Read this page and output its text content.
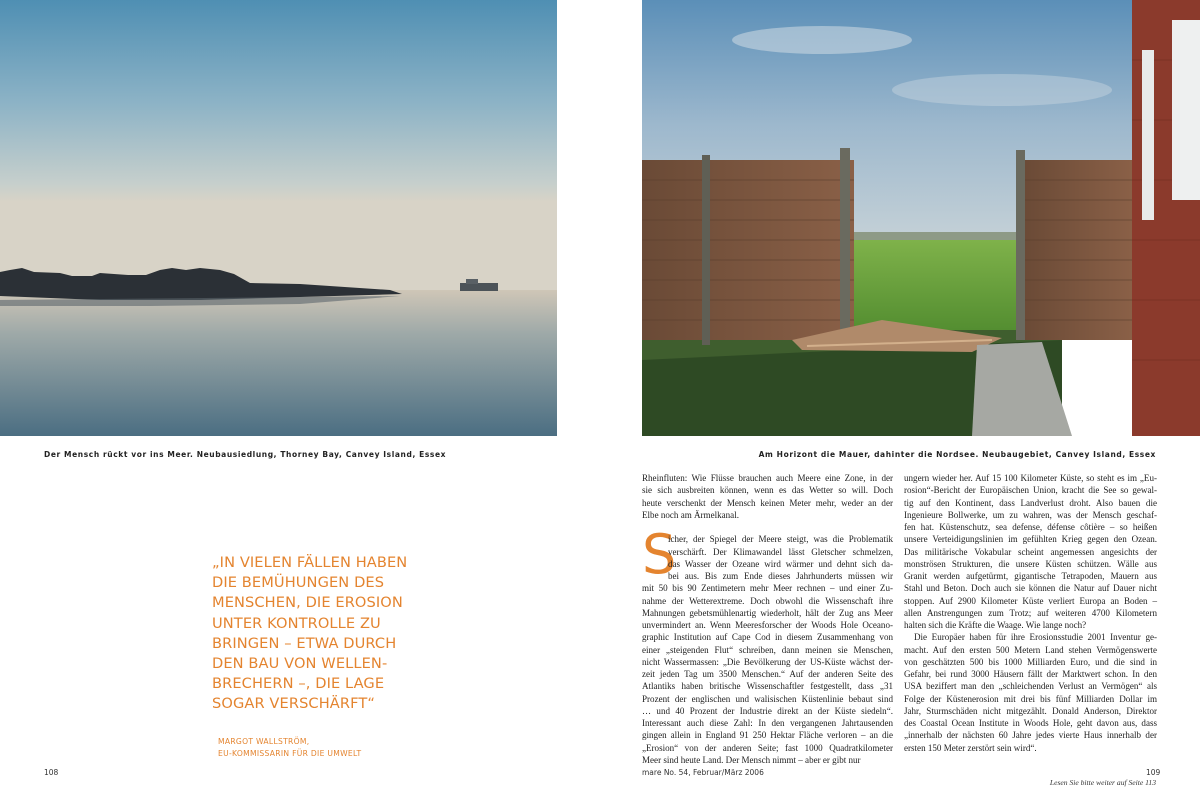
Der Mensch rückt vor ins Meer. Neubausiedlung, Thorney Bay, Canvey Island, Essex	Am Horizont die Mauer, dahinter die Nordsee. Neubaugebiet, Canvey Island, Essex
„IN VIELEN FÄLLEN HABEN
DIE BEMÜHUNGEN DES
MENSCHEN, DIE EROSION
UNTER KONTROLLE ZU
BRINGEN – ETWA DURCH
DEN BAU VON WELLEN-
BRECHERN –, DIE LAGE
SOGAR VERSCHÄRFT“
MARGOT WALLSTRÖM,
EU-KOMMISSARIN FÜR DIE UMWELT
S
Rheinfluten: Wie Flüsse brauchen auch Meere eine Zone, in der
sie sich ausbreiten können, wenn es das Wetter so will. Doch
heute verschenkt der Mensch keinen Meter mehr, weder an der
Elbe noch am Ärmelkanal.
icher, der Spiegel der Meere steigt, was die Problematik
verschärft. Der Klimawandel lässt Gletscher schmelzen,
das Wasser der Ozeane wird wärmer und dehnt sich da-
bei aus. Bis zum Ende dieses Jahrhunderts müssen wir
mit 50 bis 90 Zentimetern mehr Meer rechnen – und einer Zu-
nahme der Wetterextreme. Doch obwohl die Wissenschaft ihre
Mahnungen gebetsmühlenartig wiederholt, hält der Zug ans Meer
unvermindert an. Wenn Meeresforscher der Woods Hole Oceano-
graphic Institution auf Cape Cod in diesem Zusammenhang von
einer „steigenden Flut“ schreiben, dann meinen sie Menschen,
nicht Wassermassen: „Die Bevölkerung der US-Küste wächst der-
zeit jeden Tag um 3500 Menschen.“ Auf der anderen Seite des
Atlantiks haben britische Wissenschaftler festgestellt, dass „31
Prozent der englischen und walisischen Küstenlinie bebaut sind
… und 40 Prozent der Industrie direkt an der Küste siedeln“.
Interessant auch diese Zahl: In den vergangenen Jahrtausenden
gingen allein in England 91 250 Hektar Fläche verloren – an die
„Erosion“ von der anderen Seite; fast 1000 Quadratkilometer
Meer sind heute Land. Der Mensch nimmt – aber er gibt nur
ungern wieder her. Auf 15 100 Kilometer Küste, so steht es im „Eu-
rosion“-Bericht der Europäischen Union, kracht die See so gewal-
tig auf den Kontinent, dass Landverlust droht. Also bauen die
Ingenieure Bollwerke, um zu wahren, was der Mensch geschaf-
fen hat. Küstenschutz, sea defense, défense côtière – so heißen
unsere Verteidigungslinien im gefühlten Krieg gegen den Ozean.
Das militärische Vokabular scheint angemessen angesichts der
monströsen Strukturen, die unsere Küsten schützen. Wälle aus
Granit werden aufgetürmt, gigantische Tetrapoden, Mauern aus
Stahl und Beton. Doch auch sie können die Natur auf Dauer nicht
stoppen. Auf 2900 Kilometer Küste verliert Europa an Boden –
allen Anstrengungen zum Trotz; auf weiteren 4700 Kilometern
halten sich die Kräfte die Waage. Wie lange noch?
Die Europäer haben für ihre Erosionsstudie 2001 Inventur ge-
macht. Auf den ersten 500 Metern Land stehen Vermögenswerte
von geschätzten 500 bis 1000 Milliarden Euro, und die sind in
Gefahr, bei rund 3000 Häusern fällt der Marktwert schon. In den
USA beziffert man den „schleichenden Verlust an Vermögen“ als
Folge der Küstenerosion mit drei bis fünf Milliarden Dollar im
Jahr, Sturmschäden nicht mitgezählt. Donald Anderson, Direktor
des Coastal Ocean Institute in Woods Hole, geht davon aus, dass
„innerhalb der nächsten 60 Jahre jedes vierte Haus innerhalb der
ersten 150 Meter zerstört sein wird“.
Lesen Sie bitte weiter auf Seite 113
108	mare No. 54, Februar/März 2006	109
